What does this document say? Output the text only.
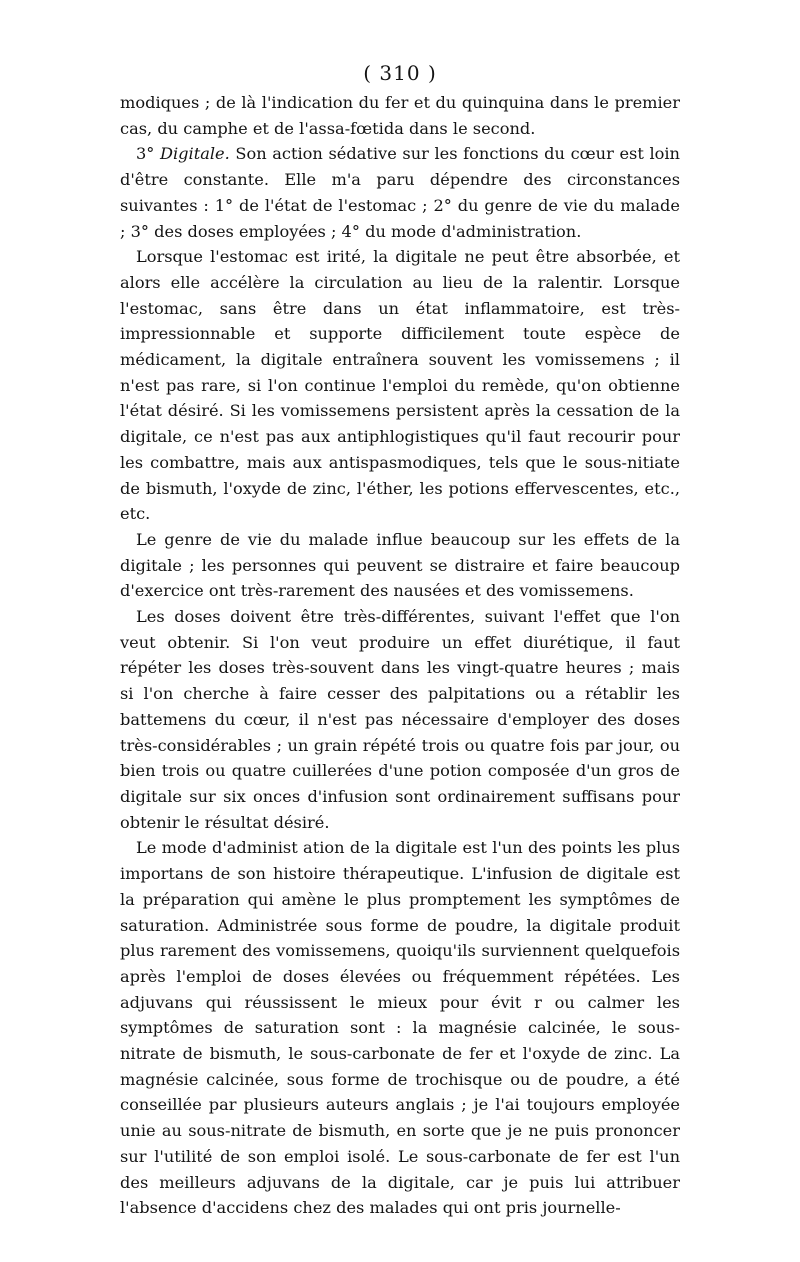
( 310 )

modiques ; de là l'indication du fer et du quinquina dans le premier cas, du camphe et de l'assa-fœtida dans le second.

3° Digitale. Son action sédative sur les fonctions du cœur est loin d'être constante. Elle m'a paru dépendre des circonstances suivantes : 1° de l'état de l'estomac ; 2° du genre de vie du malade ; 3° des doses employées ; 4° du mode d'administration.

Lorsque l'estomac est irité, la digitale ne peut être absorbée, et alors elle accélère la circulation au lieu de la ralentir. Lorsque l'estomac, sans être dans un état inflammatoire, est très-impressionnable et supporte difficilement toute espèce de médicament, la digitale entraînera souvent les vomissemens ; il n'est pas rare, si l'on continue l'emploi du remède, qu'on obtienne l'état désiré. Si les vomissemens persistent après la cessation de la digitale, ce n'est pas aux antiphlogistiques qu'il faut recourir pour les combattre, mais aux antispasmodiques, tels que le sous-nitiate de bismuth, l'oxyde de zinc, l'éther, les potions effervescentes, etc., etc.

Le genre de vie du malade influe beaucoup sur les effets de la digitale ; les personnes qui peuvent se distraire et faire beaucoup d'exercice ont très-rarement des nausées et des vomissemens.

Les doses doivent être très-différentes, suivant l'effet que l'on veut obtenir. Si l'on veut produire un effet diurétique, il faut répéter les doses très-souvent dans les vingt-quatre heures ; mais si l'on cherche à faire cesser des palpitations ou a rétablir les battemens du cœur, il n'est pas nécessaire d'employer des doses très-considérables ; un grain répété trois ou quatre fois par jour, ou bien trois ou quatre cuillerées d'une potion composée d'un gros de digitale sur six onces d'infusion sont ordinairement suffisans pour obtenir le résultat désiré.

Le mode d'administ ation de la digitale est l'un des points les plus importans de son histoire thérapeutique. L'infusion de digitale est la préparation qui amène le plus promptement les symptômes de saturation. Administrée sous forme de poudre, la digitale produit plus rarement des vomissemens, quoiqu'ils surviennent quelquefois après l'emploi de doses élevées ou fréquemment répétées. Les adjuvans qui réussissent le mieux pour évit r ou calmer les symptômes de saturation sont : la magnésie calcinée, le sous-nitrate de bismuth, le sous-carbonate de fer et l'oxyde de zinc. La magnésie calcinée, sous forme de trochisque ou de poudre, a été conseillée par plusieurs auteurs anglais ; je l'ai toujours employée unie au sous-nitrate de bismuth, en sorte que je ne puis prononcer sur l'utilité de son emploi isolé. Le sous-carbonate de fer est l'un des meilleurs adjuvans de la digitale, car je puis lui attribuer l'absence d'accidens chez des malades qui ont pris journelle-
